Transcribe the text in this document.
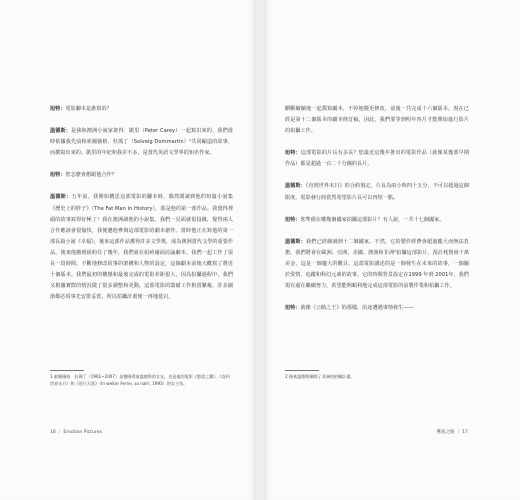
旭特：電影腳本是誰寫的？

溫德斯：是我和澳洲小說家彼得．凱里（Peter Carey）一起寫出來的，我們當時依據我先前和索爾薇格．杜瑪丁（Solveig Dommartin）¹共同編造的故事，而撰寫出來的。凱里的年紀和我差不多，是當代英語文學界的知名作家。

旭特：您怎麼會想跟他合作？

溫德斯：五年前，我開始構思這部電影的腳本時，偶然間讀到他的短篇小說集《歷史上的胖子》（The Fat Man in History），那是他的第一部作品，我覺得裡頭的故事寫得好極了！我在澳洲讀他的小說集，我們一見面就很投緣，覺得兩人合作應該會很愉快，我便邀他參與這部電影的劇本創作。當時他正在寫他的第一部長篇小說《幸福》，後來這部作品獲得許多文學獎，成為澳洲當代文學的重要作品。後來他搬到紐約住了幾年，我們就在紐約碰面討論劇本。我們一起工作了很長一段時間，不斷地修改故事的架構和人物的設定，這個劇本前後大概寫了將近十個版本。我們最初的構想和最後完成的電影差距很大，因為拍攝過程中，我們又根據實際的情況做了很多調整和更動。這部電影的籌備工作相當繁複，許多細節都必須事先安排妥當，所以拍攝計畫便一再地延宕。

1 索爾薇格．杜瑪丁（1961~2007）是德國導演溫德斯的女友，也是他的電影《慾望之翼》、《直到世界末日》和《咫尺天涯》（In weiter Ferne, so nah!, 1993）的女主角。
16 ｜ Emotion Pictures

斷斷續續地一起撰寫劇本，不停地變更修改，前後一共完成十六個版本。現在已經是第十二個版本的劇本修訂稿，因此，我們要等到明年四月才能開始進行影片的拍攝工作。

旭特：這部電影的片長有多長？您最近這幾年推出的電影作品（就像某幾部早期作品）都是超過一百二十分鐘的長片。

溫德斯：《直到世界末日》的合約規定，片長為兩小時四十五分，不可以超過這個限度。電影發行商當然希望影片長可以再短一點。

旭特：您準備在哪幾個國家拍攝這部影片？有人說，一共十七個國家。

溫德斯：我們已經縮減到十二個國家。不然，它的製作經費會超過龐大而無法負擔。我們將會在歐洲、亞洲、美國、澳洲和非洲²拍攝這部影片，預計耗資兩千萬美金，這是一個龐大的數目。這部電影講述的是一個發生在未來的故事，一個關於愛情、追蹤和科幻元素的故事，它的時間背景設定在1999 年到 2001年，我們現在還在繼續努力，希望能夠順利地完成這部電影的前製作業和拍攝工作。

旭特：就像《公路之王》的那樣，沿途遭遇事情發生——

2 後來溫德斯刪除了非洲的拍攝計畫。
導演之路 ｜ 17
